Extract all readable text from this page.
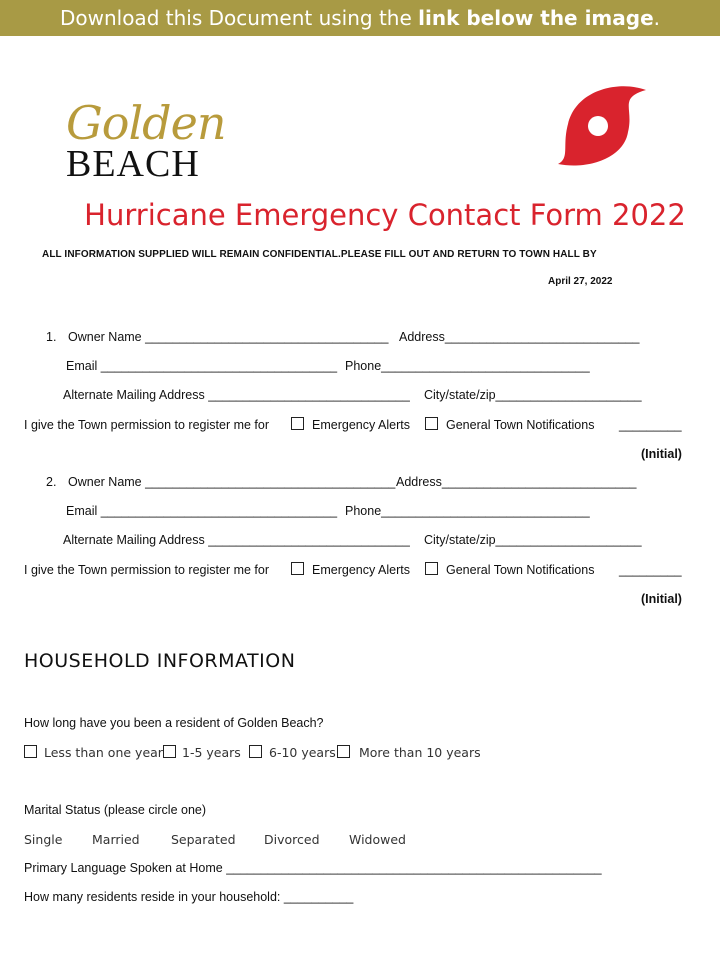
Download this Document using the link below the image.
Golden
BEACH
Hurricane Emergency Contact Form 2022
ALL INFORMATION SUPPLIED WILL REMAIN CONFIDENTIAL.PLEASE FILL OUT AND RETURN TO TOWN HALL BY
April 27, 2022
1. Owner Name ___________________________________ Address____________________________
Email __________________________________ Phone______________________________
Alternate Mailing Address _____________________________ City/state/zip_____________________
I give the Town permission to register me for	Emergency Alerts	General Town Notifications _________
(Initial)
2. Owner Name ____________________________________ Address____________________________
Email __________________________________ Phone______________________________
Alternate Mailing Address _____________________________ City/state/zip_____________________
I give the Town permission to register me for	Emergency Alerts	General Town Notifications _________
(Initial)
HOUSEHOLD INFORMATION
How long have you been a resident of Golden Beach?
Less than one year 1-5 years 6-10 years More than 10 years
Marital Status (please circle one)
Single Married	Separated Divorced Widowed
Primary Language Spoken at Home ______________________________________________________
How many residents reside in your household: __________
